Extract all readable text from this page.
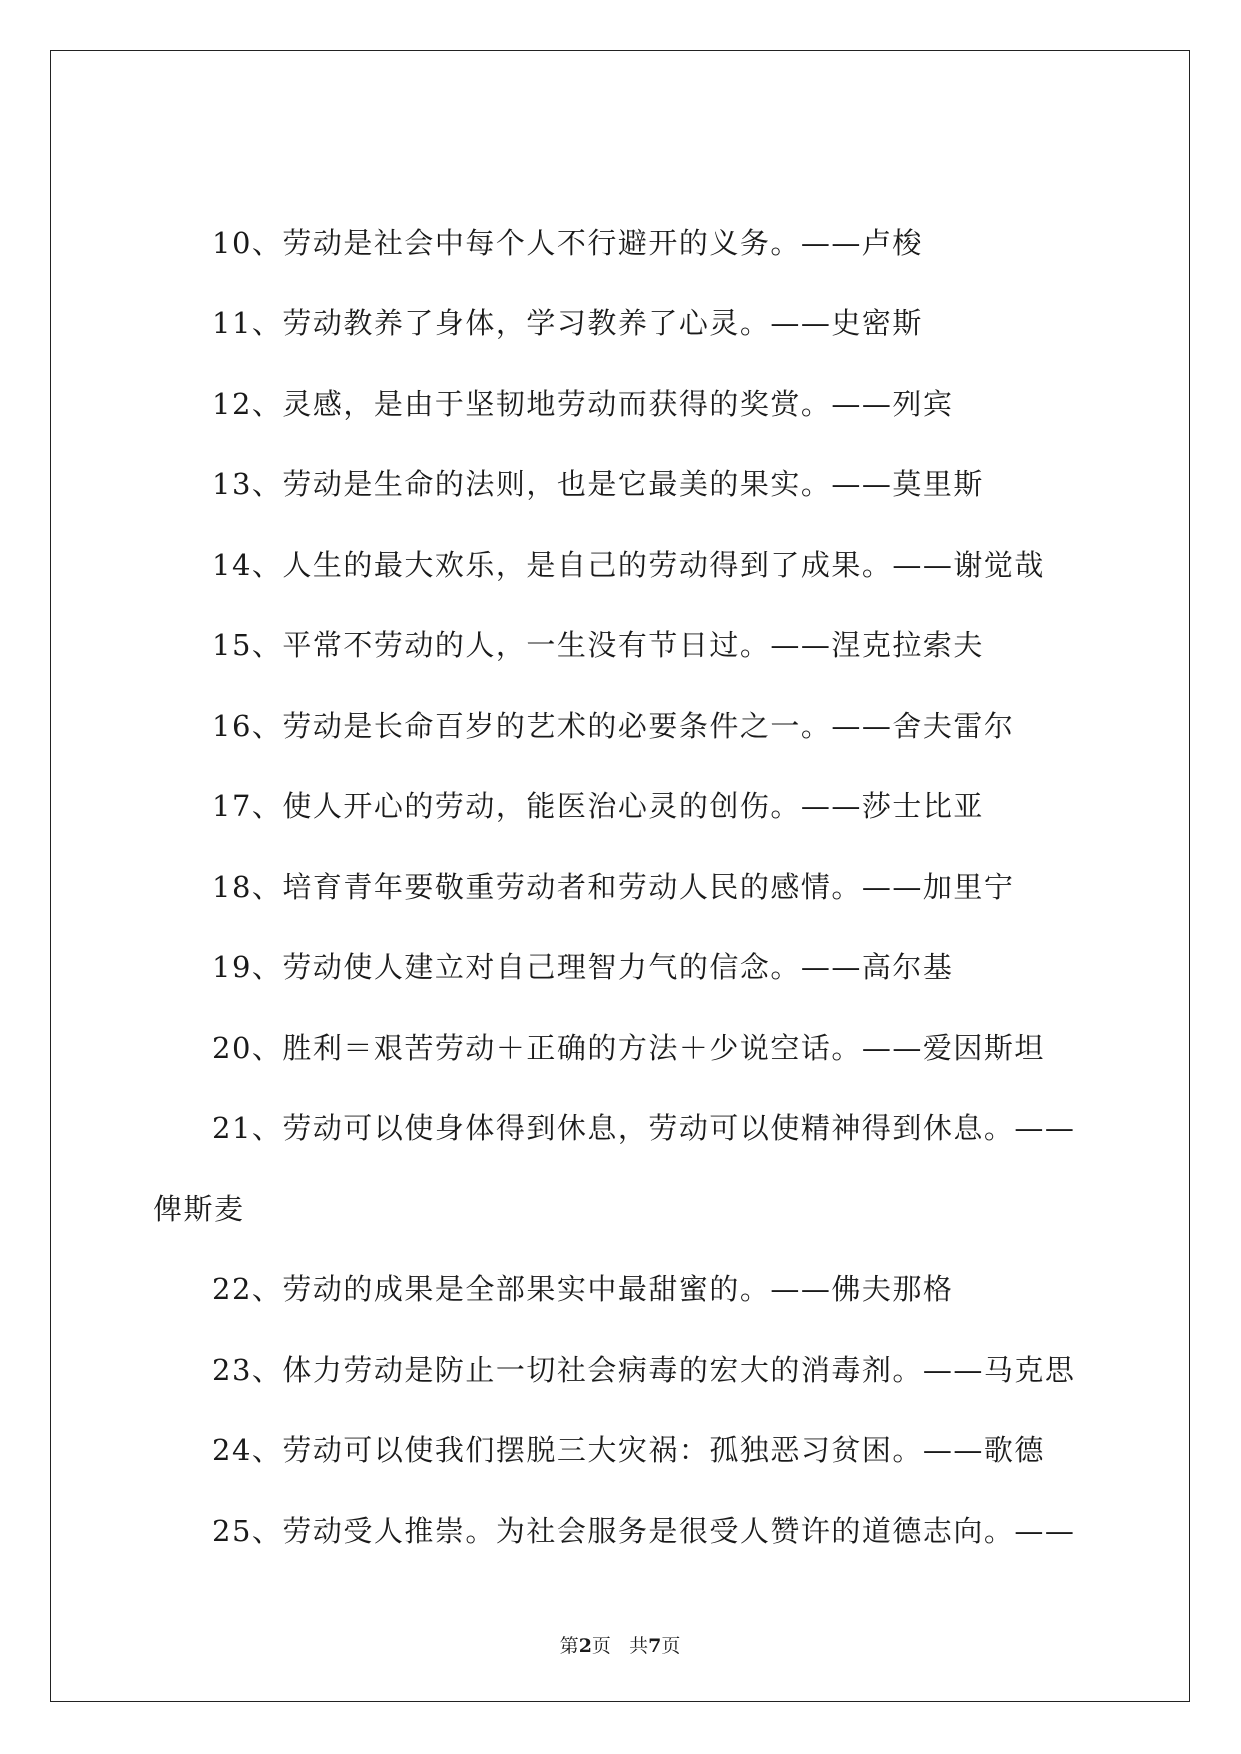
10、劳动是社会中每个人不行避开的义务。——卢梭
11、劳动教养了身体，学习教养了心灵。——史密斯
12、灵感，是由于坚韧地劳动而获得的奖赏。——列宾
13、劳动是生命的法则，也是它最美的果实。——莫里斯
14、人生的最大欢乐，是自己的劳动得到了成果。——谢觉哉
15、平常不劳动的人，一生没有节日过。——涅克拉索夫
16、劳动是长命百岁的艺术的必要条件之一。——舍夫雷尔
17、使人开心的劳动，能医治心灵的创伤。——莎士比亚
18、培育青年要敬重劳动者和劳动人民的感情。——加里宁
19、劳动使人建立对自己理智力气的信念。——高尔基
20、胜利＝艰苦劳动＋正确的方法＋少说空话。——爱因斯坦
21、劳动可以使身体得到休息，劳动可以使精神得到休息。——
俾斯麦
22、劳动的成果是全部果实中最甜蜜的。——佛夫那格
23、体力劳动是防止一切社会病毒的宏大的消毒剂。——马克思
24、劳动可以使我们摆脱三大灾祸：孤独恶习贫困。——歌德
25、劳动受人推崇。为社会服务是很受人赞许的道德志向。——
第2页 共7页
